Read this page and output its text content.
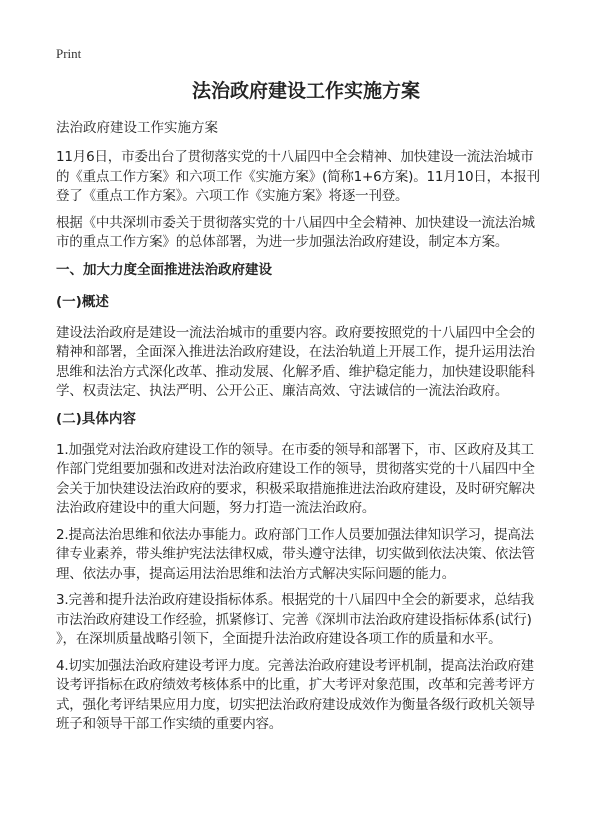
Print
法治政府建设工作实施方案
法治政府建设工作实施方案
11月6日，市委出台了贯彻落实党的十八届四中全会精神、加快建设一流法治城市
的《重点工作方案》和六项工作《实施方案》(简称1+6方案)。11月10日，本报刊
登了《重点工作方案》。六项工作《实施方案》将逐一刊登。
根据《中共深圳市委关于贯彻落实党的十八届四中全会精神、加快建设一流法治城
市的重点工作方案》的总体部署，为进一步加强法治政府建设，制定本方案。
一、加大力度全面推进法治政府建设
(一)概述
建设法治政府是建设一流法治城市的重要内容。政府要按照党的十八届四中全会的
精神和部署，全面深入推进法治政府建设，在法治轨道上开展工作，提升运用法治
思维和法治方式深化改革、推动发展、化解矛盾、维护稳定能力，加快建设职能科
学、权责法定、执法严明、公开公正、廉洁高效、守法诚信的一流法治政府。
(二)具体内容
1.加强党对法治政府建设工作的领导。在市委的领导和部署下，市、区政府及其工
作部门党组要加强和改进对法治政府建设工作的领导，贯彻落实党的十八届四中全
会关于加快建设法治政府的要求，积极采取措施推进法治政府建设，及时研究解决
法治政府建设中的重大问题，努力打造一流法治政府。
2.提高法治思维和依法办事能力。政府部门工作人员要加强法律知识学习，提高法
律专业素养，带头维护宪法法律权威，带头遵守法律，切实做到依法决策、依法管
理、依法办事，提高运用法治思维和法治方式解决实际问题的能力。
3.完善和提升法治政府建设指标体系。根据党的十八届四中全会的新要求，总结我
市法治政府建设工作经验，抓紧修订、完善《深圳市法治政府建设指标体系(试行)
》，在深圳质量战略引领下，全面提升法治政府建设各项工作的质量和水平。
4.切实加强法治政府建设考评力度。完善法治政府建设考评机制，提高法治政府建
设考评指标在政府绩效考核体系中的比重，扩大考评对象范围，改革和完善考评方
式，强化考评结果应用力度，切实把法治政府建设成效作为衡量各级行政机关领导
班子和领导干部工作实绩的重要内容。
